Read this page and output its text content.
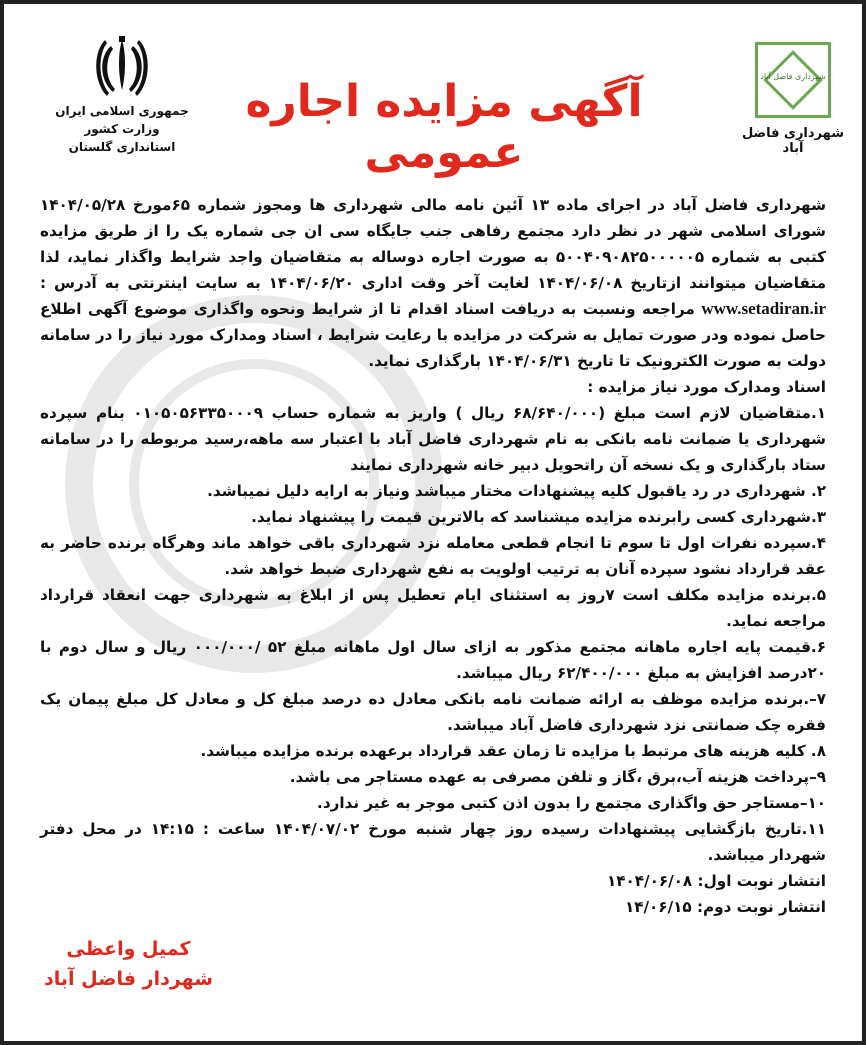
شهرداری فاضل آباد
شهرداری فاضل آباد
آگهی مزایده اجاره عمومی
جمهوری اسلامی ایران
وزارت کشور
استانداری گلستان

شهرداری فاضل آباد در اجرای ماده ۱۳ آئین نامه مالی شهرداری ها ومجوز شماره ۶۵مورخ ۱۴۰۴/۰۵/۲۸ شورای اسلامی شهر در نظر دارد مجتمع رفاهی جنب جایگاه سی ان جی شماره یک را از طریق مزایده کتبی به شماره ۵۰۰۴۰۹۰۸۲۵۰۰۰۰۰۵ به صورت اجاره دوساله به متقاضیان واجد شرایط واگذار نماید، لذا متقاضیان میتوانند ازتاریخ ۱۴۰۴/۰۶/۰۸ لغایت آخر وقت اداری ۱۴۰۴/۰۶/۲۰ به سایت اینترنتی به آدرس : www.setadiran.ir مراجعه ونسبت به دریافت اسناد اقدام تا از شرایط ونحوه واگذاری موضوع آگهی اطلاع حاصل نموده ودر صورت تمایل به شرکت در مزایده با رعایت شرایط ، اسناد ومدارک مورد نیاز را در سامانه دولت به صورت الکترونیک تا تاریخ ۱۴۰۴/۰۶/۳۱ بارگذاری نماید.

اسناد ومدارک مورد نیاز مزایده :

۱.متقاضیان لازم است مبلغ (۶۸/۶۴۰/۰۰۰ ریال ) واریز به شماره حساب ۰۱۰۵۰۵۶۳۳۵۰۰۰۹ بنام سپرده شهرداری یا ضمانت نامه بانکی به نام شهرداری فاضل آباد با اعتبار سه ماهه،رسید مربوطه را در سامانه ستاد بارگذاری و یک نسخه آن راتحویل دبیر خانه شهرداری نمایند

۲. شهرداری در رد یاقبول کلیه پیشنهادات مختار میباشد ونیاز به ارایه دلیل نمیباشد.

۳.شهرداری کسی رابرنده مزایده میشناسد که بالاترین قیمت را پیشنهاد نماید.

۴.سپرده نفرات اول تا سوم تا انجام قطعی معامله نزد شهرداری باقی خواهد ماند وهرگاه برنده حاضر به عقد قرارداد نشود سپرده آنان به ترتیب اولویت به نفع شهرداری ضبط خواهد شد.

۵.برنده مزایده مکلف است ۷روز به استثنای ایام تعطیل پس از ابلاغ به شهرداری جهت انعقاد قرارداد مراجعه نماید.

۶.قیمت پایه اجاره ماهانه مجتمع مذکور به ازای سال اول ماهانه مبلغ ۵۲ /۰۰۰/۰۰۰ ریال و سال دوم با ۲۰درصد افزایش به مبلغ ۶۲/۴۰۰/۰۰۰ ریال میباشد.

۷–.برنده مزایده موظف به ارائه ضمانت نامه بانکی معادل ده درصد مبلغ کل و معادل کل مبلغ پیمان یک فقره چک ضمانتی نزد شهرداری فاضل آباد میباشد.

۸. کلیه هزینه های مرتبط با مزایده تا زمان عقد قرارداد برعهده برنده مزایده میباشد.

۹–پرداخت هزینه آب،برق ،گاز و تلفن مصرفی به عهده مستاجر می باشد.

۱۰–مستاجر حق واگذاری مجتمع را بدون اذن کتبی موجر به غیر ندارد.

۱۱.تاریخ بازگشایی پیشنهادات رسیده روز چهار شنبه مورخ ۱۴۰۴/۰۷/۰۲ ساعت : ۱۴:۱۵ در محل دفتر شهردار میباشد.

انتشار نوبت اول: ۱۴۰۴/۰۶/۰۸

انتشار نوبت دوم: ۱۴/۰۶/۱۵

کمیل واعظی
شهردار فاضل آباد
